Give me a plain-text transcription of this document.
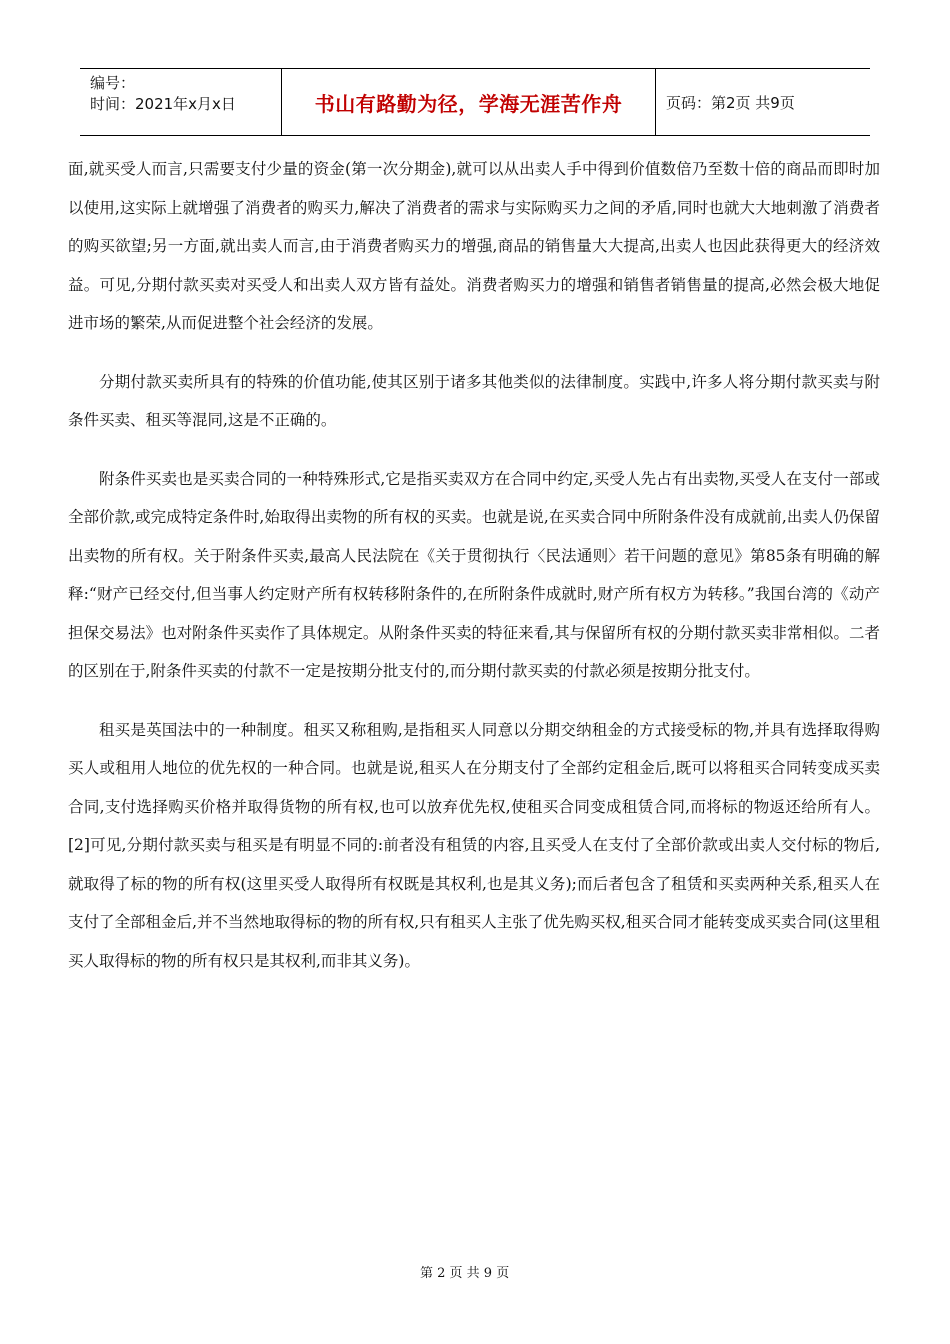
编号：
时间：2021年x月x日	书山有路勤为径，学海无涯苦作舟	页码：第2页 共9页

面,就买受人而言,只需要支付少量的资金(第一次分期金),就可以从出卖人手中得到价值数倍乃至数十倍的商品而即时加以使用,这实际上就增强了消费者的购买力,解决了消费者的需求与实际购买力之间的矛盾,同时也就大大地刺激了消费者的购买欲望;另一方面,就出卖人而言,由于消费者购买力的增强,商品的销售量大大提高,出卖人也因此获得更大的经济效益。可见,分期付款买卖对买受人和出卖人双方皆有益处。消费者购买力的增强和销售者销售量的提高,必然会极大地促进市场的繁荣,从而促进整个社会经济的发展。

分期付款买卖所具有的特殊的价值功能,使其区别于诸多其他类似的法律制度。实践中,许多人将分期付款买卖与附条件买卖、租买等混同,这是不正确的。

附条件买卖也是买卖合同的一种特殊形式,它是指买卖双方在合同中约定,买受人先占有出卖物,买受人在支付一部或全部价款,或完成特定条件时,始取得出卖物的所有权的买卖。也就是说,在买卖合同中所附条件没有成就前,出卖人仍保留出卖物的所有权。关于附条件买卖,最高人民法院在《关于贯彻执行〈民法通则〉若干问题的意见》第85条有明确的解释:“财产已经交付,但当事人约定财产所有权转移附条件的,在所附条件成就时,财产所有权方为转移。”我国台湾的《动产担保交易法》也对附条件买卖作了具体规定。从附条件买卖的特征来看,其与保留所有权的分期付款买卖非常相似。二者的区别在于,附条件买卖的付款不一定是按期分批支付的,而分期付款买卖的付款必须是按期分批支付。

租买是英国法中的一种制度。租买又称租购,是指租买人同意以分期交纳租金的方式接受标的物,并具有选择取得购买人或租用人地位的优先权的一种合同。也就是说,租买人在分期支付了全部约定租金后,既可以将租买合同转变成买卖合同,支付选择购买价格并取得货物的所有权,也可以放弃优先权,使租买合同变成租赁合同,而将标的物返还给所有人。 [2]可见,分期付款买卖与租买是有明显不同的:前者没有租赁的内容,且买受人在支付了全部价款或出卖人交付标的物后,就取得了标的物的所有权(这里买受人取得所有权既是其权利,也是其义务);而后者包含了租赁和买卖两种关系,租买人在支付了全部租金后,并不当然地取得标的物的所有权,只有租买人主张了优先购买权,租买合同才能转变成买卖合同(这里租买人取得标的物的所有权只是其权利,而非其义务)。

第 2 页 共 9 页
